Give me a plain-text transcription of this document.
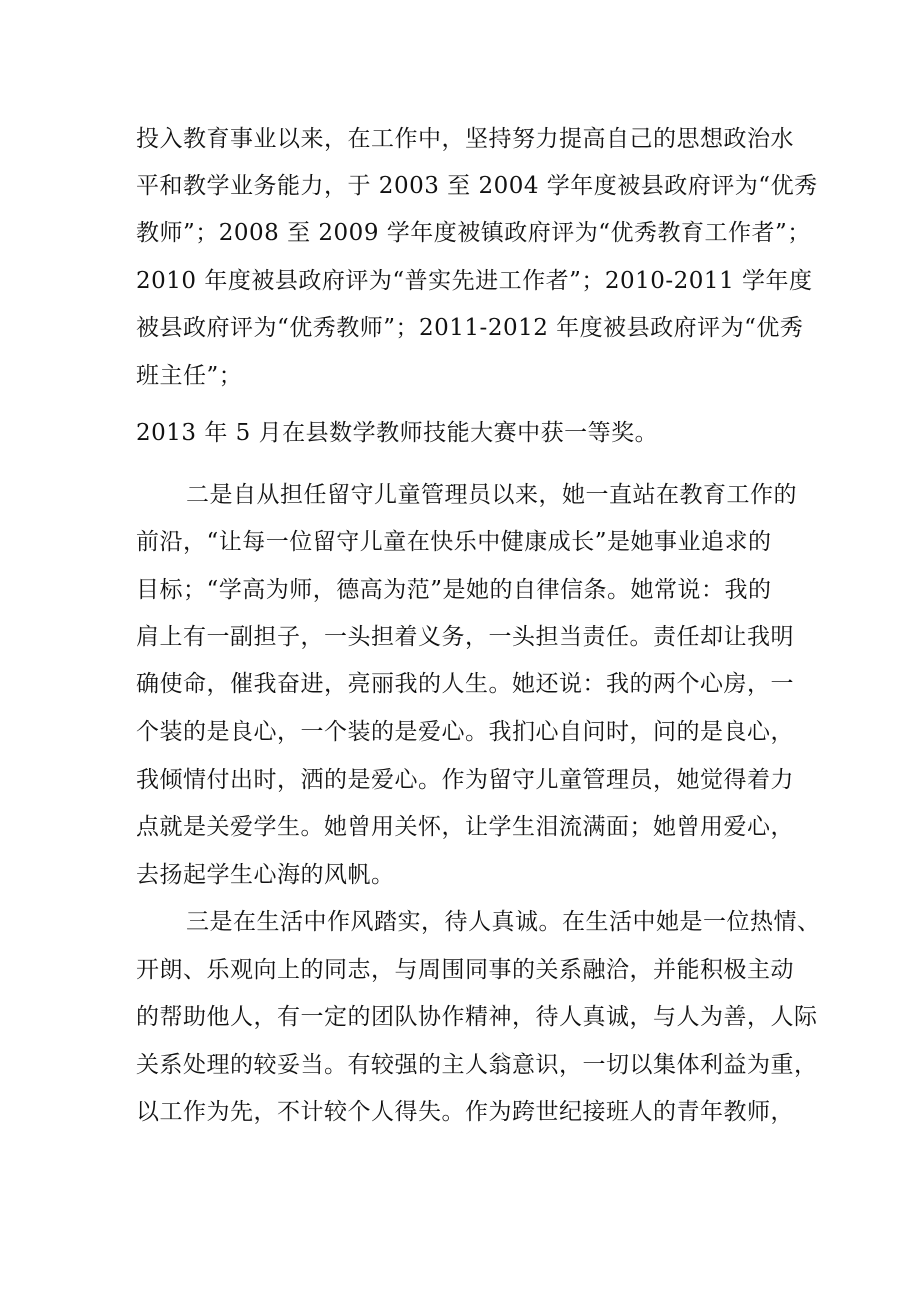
投入教育事业以来，在工作中，坚持努力提高自己的思想政治水
平和教学业务能力，于 2003 至 2004 学年度被县政府评为“优秀
教师”；2008 至 2009 学年度被镇政府评为“优秀教育工作者”；
2010 年度被县政府评为“普实先进工作者”；2010-2011 学年度
被县政府评为“优秀教师”；2011-2012 年度被县政府评为“优秀
班主任”；
2013 年 5 月在县数学教师技能大赛中获一等奖。
二是自从担任留守儿童管理员以来，她一直站在教育工作的
前沿，“让每一位留守儿童在快乐中健康成长”是她事业追求的
目标；“学高为师，德高为范”是她的自律信条。她常说：我的
肩上有一副担子，一头担着义务，一头担当责任。责任却让我明
确使命，催我奋进，亮丽我的人生。她还说：我的两个心房，一
个装的是良心，一个装的是爱心。我扪心自问时，问的是良心，
我倾情付出时，洒的是爱心。作为留守儿童管理员，她觉得着力
点就是关爱学生。她曾用关怀，让学生泪流满面；她曾用爱心，
去扬起学生心海的风帆。
三是在生活中作风踏实，待人真诚。在生活中她是一位热情、
开朗、乐观向上的同志，与周围同事的关系融洽，并能积极主动
的帮助他人，有一定的团队协作精神，待人真诚，与人为善，人际
关系处理的较妥当。有较强的主人翁意识，一切以集体利益为重，
以工作为先，不计较个人得失。作为跨世纪接班人的青年教师，
